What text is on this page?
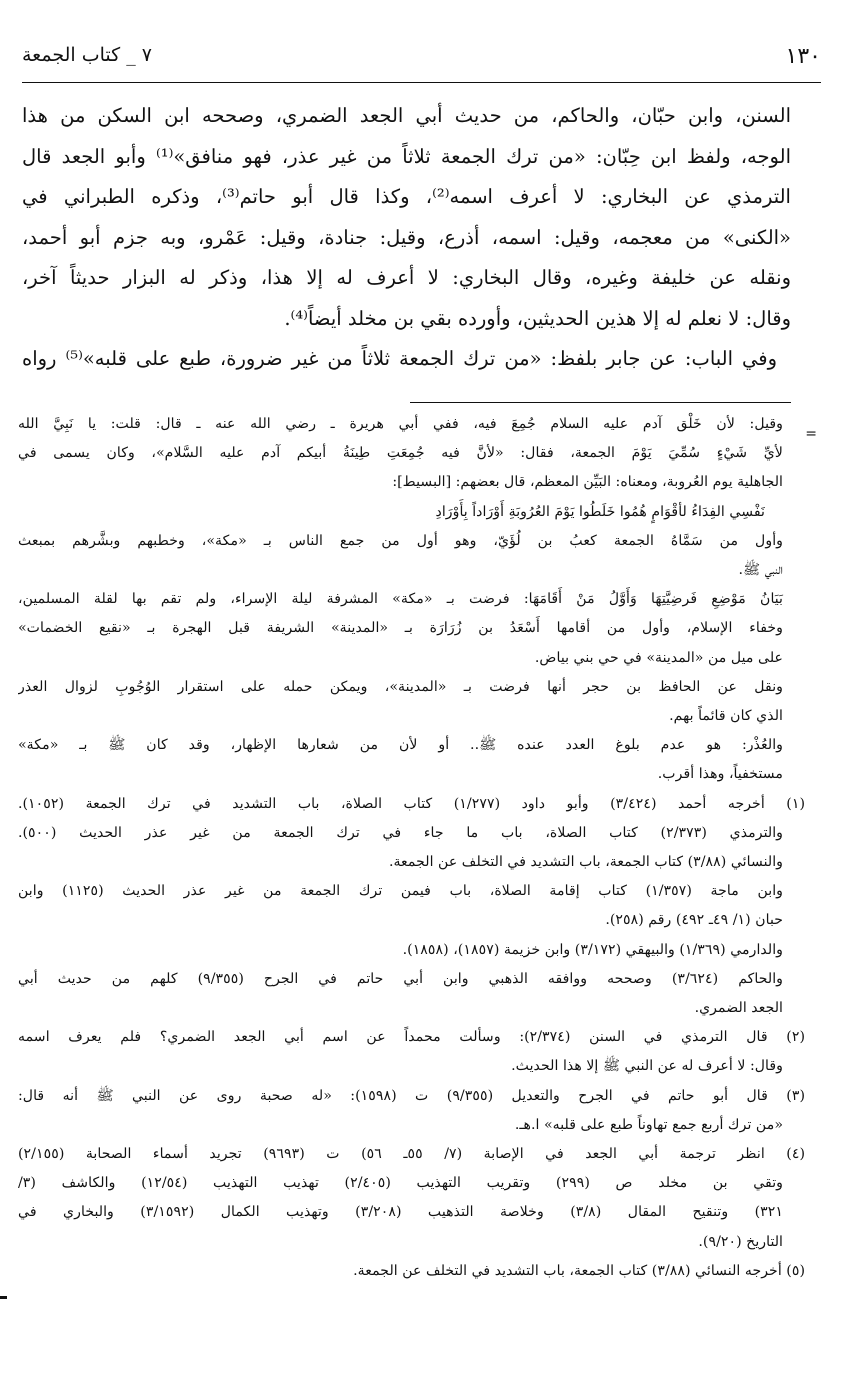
١٣٠
٧ _ كتاب الجمعة
السنن، وابن حبّان، والحاكم، من حديث أبي الجعد الضمري، وصححه ابن السكن من هذا
الوجه، ولفظ ابن حِبّان: «من ترك الجمعة ثلاثاً من غير عذر، فهو منافق»⁽¹⁾ وأبو الجعد قال
الترمذي عن البخاري: لا أعرف اسمه⁽²⁾، وكذا قال أبو حاتم⁽³⁾، وذكره الطبراني في
«الكنى» من معجمه، وقيل: اسمه، أذرع، وقيل: جنادة، وقيل: عَمْرو، وبه جزم أبو أحمد،
ونقله عن خليفة وغيره، وقال البخاري: لا أعرف له إلا هذا، وذكر له البزار حديثاً آخر،
وقال: لا نعلم له إلا هذين الحديثين، وأورده بقي بن مخلد أيضاً⁽⁴⁾.
وفي الباب: عن جابر بلفظ: «من ترك الجمعة ثلاثاً من غير ضرورة، طبع على قلبه»⁽⁵⁾ رواه
=
وقيل: لأن خَلْق آدم عليه السلام جُمِعَ فيه، ففي أبي هريرة ـ رضي الله عنه ـ قال: قلت: يا نَبِيَّ الله
لأيِّ شَيْءٍ سُمِّيَ يَوْمَ الجمعة، فقال: «لأنَّ فيه جُمِعَتِ طِينَةُ أبيكم آدم عليه السَّلام»، وكان يسمى في
الجاهلية يوم العُروبة، ومعناه: البَيِّن المعظم، قال بعضهم: [البسيط]:
نَفْسِي الفِدَاءُ لأقْوَامٍ هُمُوا خَلَطُوا يَوْمَ العُرُوبَةِ أَوْرَاداً بِأَوْرَادِ
وأول من سَمَّاهُ الجمعة كعبُ بن لُؤَيّ، وهو أول من جمع الناس بـ «مكة»، وخطبهم وبشَّرهم بمبعث
النبي ﷺ.
بَيَانُ مَوْضِعِ فَرضِيَّتِهَا وَأَوَّلُ مَنْ أَقَامَهَا: فرضت بـ «مكة» المشرفة ليلة الإسراء، ولم تقم بها لقلة المسلمين،
وخفاء الإسلام، وأول من أقامها أَسْعَدُ بن زُرَارَة بـ «المدينة» الشريفة قبل الهجرة بـ «نقيع الخضمات»
على ميل من «المدينة» في حي بني بياض.
ونقل عن الحافظ بن حجر أنها فرضت بـ «المدينة»، ويمكن حمله على استقرار الوُجُوبِ لزوال العذر
الذي كان قائماً بهم.
والعُذْر: هو عدم بلوغ العدد عنده ﷺ.. أو لأن من شعارها الإظهار، وقد كان ﷺ بـ «مكة»
مستخفياً، وهذا أقرب.
(١) أخرجه أحمد (٣/٤٢٤) وأبو داود (١/٢٧٧) كتاب الصلاة، باب التشديد في ترك الجمعة (١٠٥٢).
والترمذي (٢/٣٧٣) كتاب الصلاة، باب ما جاء في ترك الجمعة من غير عذر الحديث (٥٠٠).
والنسائي (٣/٨٨) كتاب الجمعة، باب التشديد في التخلف عن الجمعة.
وابن ماجة (١/٣٥٧) كتاب إقامة الصلاة، باب فيمن ترك الجمعة من غير عذر الحديث (١١٢٥) وابن
حبان (١/ ٤٩ـ ٤٩٢) رقم (٢٥٨).
والدارمي (١/٣٦٩) والبيهقي (٣/١٧٢) وابن خزيمة (١٨٥٧)، (١٨٥٨).
والحاكم (٣/٦٢٤) وصححه ووافقه الذهبي وابن أبي حاتم في الجرح (٩/٣٥٥) كلهم من حديث أبي
الجعد الضمري.
(٢) قال الترمذي في السنن (٢/٣٧٤): وسألت محمداً عن اسم أبي الجعد الضمري؟ فلم يعرف اسمه
وقال: لا أعرف له عن النبي ﷺ إلا هذا الحديث.
(٣) قال أبو حاتم في الجرح والتعديل (٩/٣٥٥) ت (١٥٩٨): «له صحبة روى عن النبي ﷺ أنه قال:
«من ترك أربع جمع تهاوناً طبع على قلبه» ا.هـ.
(٤) انظر ترجمة أبي الجعد في الإصابة (٧/ ٥٥ـ ٥٦) ت (٩٦٩٣) تجريد أسماء الصحابة (٢/١٥٥)
وتقي بن مخلد ص (٢٩٩) وتقريب التهذيب (٢/٤٠٥) تهذيب التهذيب (١٢/٥٤) والكاشف (٣/
٣٢١) وتنقيح المقال (٣/٨) وخلاصة التذهيب (٣/٢٠٨) وتهذيب الكمال (٣/١٥٩٢) والبخاري في
التاريخ (٩/٢٠).
(٥) أخرجه النسائي (٣/٨٨) كتاب الجمعة، باب التشديد في التخلف عن الجمعة.
